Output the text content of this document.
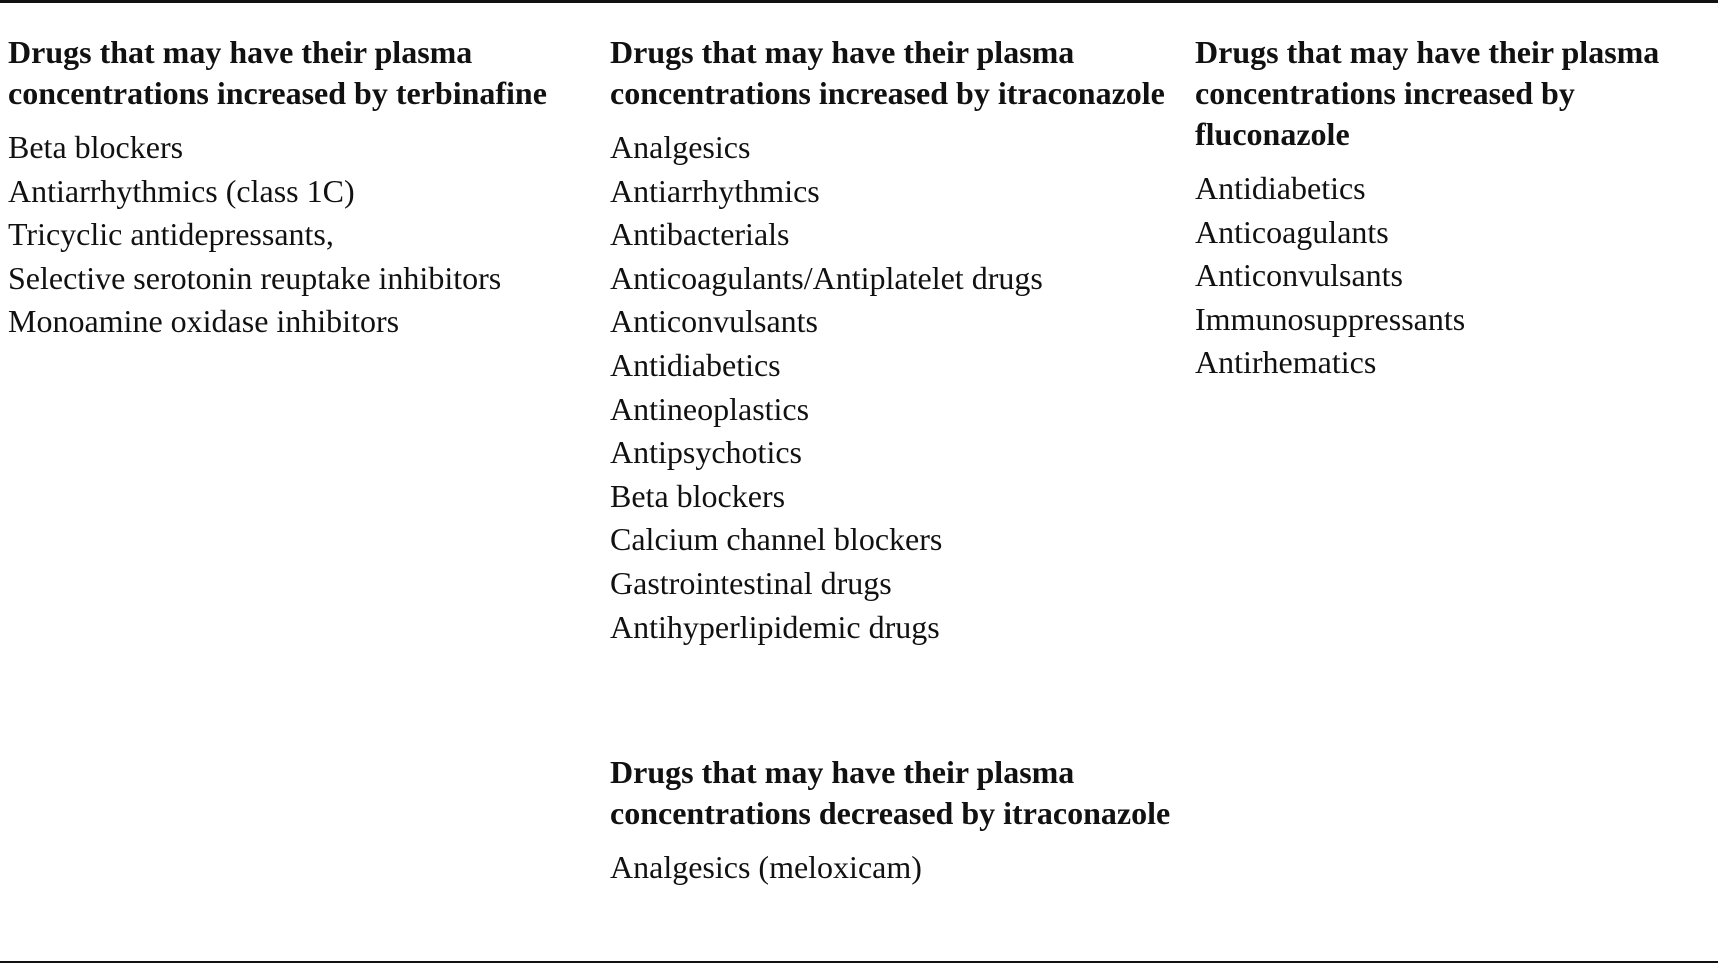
Drugs that may have their plasma concentrations increased by terbinafine
Beta blockers
Antiarrhythmics (class 1C)
Tricyclic antidepressants,
Selective serotonin reuptake inhibitors
Monoamine oxidase inhibitors
Drugs that may have their plasma concentrations increased by itraconazole
Analgesics
Antiarrhythmics
Antibacterials
Anticoagulants/Antiplatelet drugs
Anticonvulsants
Antidiabetics
Antineoplastics
Antipsychotics
Beta blockers
Calcium channel blockers
Gastrointestinal drugs
Antihyperlipidemic drugs
Drugs that may have their plasma concentrations increased by fluconazole
Antidiabetics
Anticoagulants
Anticonvulsants
Immunosuppressants
Antirhematics
Drugs that may have their plasma concentrations decreased by itraconazole
Analgesics (meloxicam)
